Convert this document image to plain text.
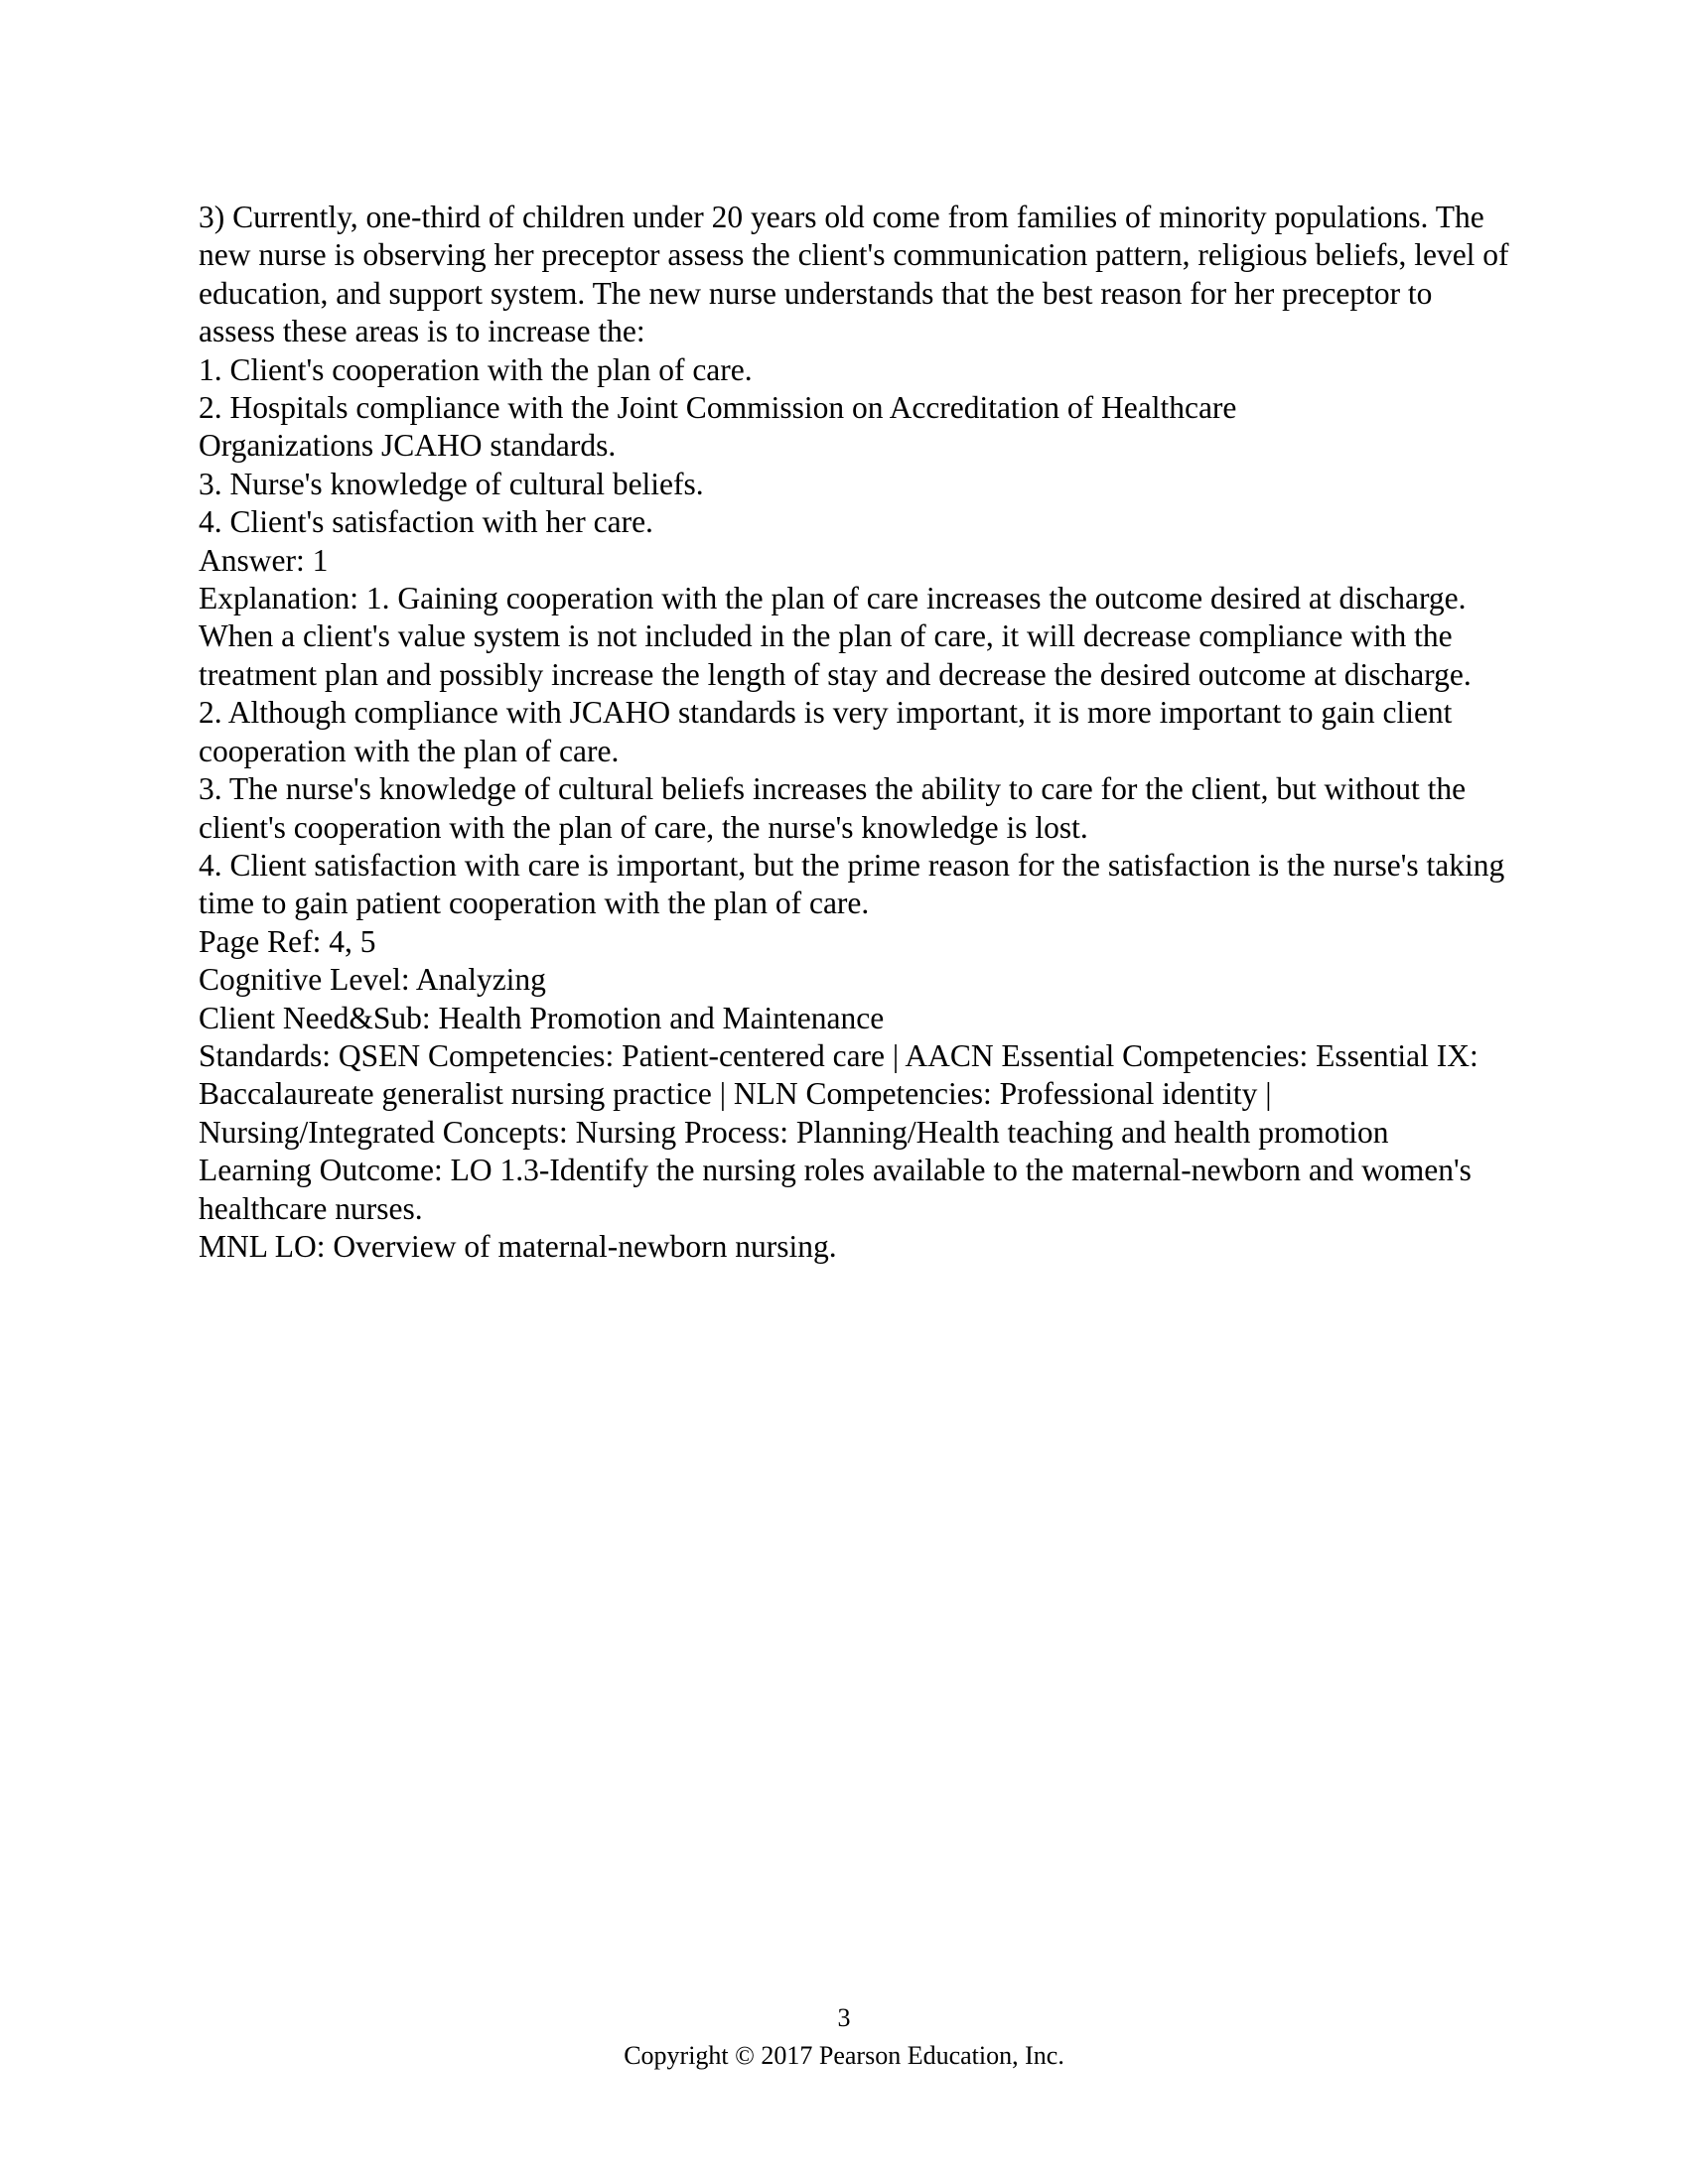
3) Currently, one-third of children under 20 years old come from families of minority populations. The new nurse is observing her preceptor assess the client's communication pattern, religious beliefs, level of education, and support system. The new nurse understands that the best reason for her preceptor to assess these areas is to increase the:

1. Client's cooperation with the plan of care.

2. Hospitals compliance with the Joint Commission on Accreditation of Healthcare
Organizations JCAHO standards.

3. Nurse's knowledge of cultural beliefs.

4. Client's satisfaction with her care.

Answer: 1

Explanation: 1. Gaining cooperation with the plan of care increases the outcome desired at discharge. When a client's value system is not included in the plan of care, it will decrease compliance with the treatment plan and possibly increase the length of stay and decrease the desired outcome at discharge.

2. Although compliance with JCAHO standards is very important, it is more important to gain client cooperation with the plan of care.

3. The nurse's knowledge of cultural beliefs increases the ability to care for the client, but without the client's cooperation with the plan of care, the nurse's knowledge is lost.

4. Client satisfaction with care is important, but the prime reason for the satisfaction is the nurse's taking time to gain patient cooperation with the plan of care.

Page Ref: 4, 5

Cognitive Level: Analyzing

Client Need&Sub: Health Promotion and Maintenance

Standards: QSEN Competencies: Patient-centered care | AACN Essential Competencies: Essential IX: Baccalaureate generalist nursing practice | NLN Competencies: Professional identity | Nursing/Integrated Concepts: Nursing Process: Planning/Health teaching and health promotion

Learning Outcome: LO 1.3-Identify the nursing roles available to the maternal-newborn and women's healthcare nurses.

MNL LO: Overview of maternal-newborn nursing.

3
Copyright © 2017 Pearson Education, Inc.
